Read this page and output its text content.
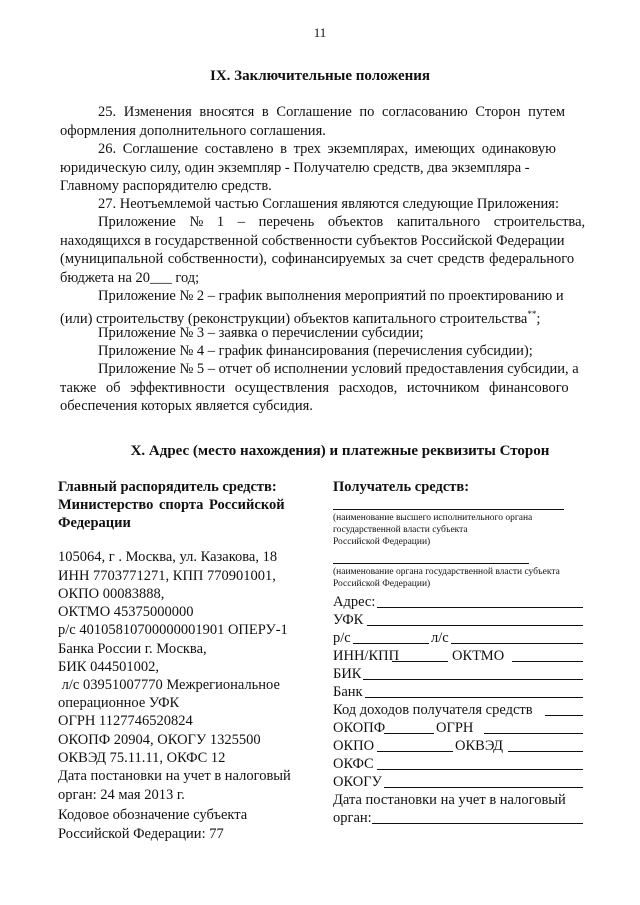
11
IX. Заключительные положения
25. Изменения вносятся в Соглашение по согласованию Сторон путем
оформления дополнительного соглашения.
26. Соглашение составлено в трех экземплярах, имеющих одинаковую
юридическую силу, один экземпляр - Получателю средств, два экземпляра -
Главному распорядителю средств.
27. Неотъемлемой частью Соглашения являются следующие Приложения:
Приложение № 1 – перечень объектов капитального строительства,
находящихся в государственной собственности субъектов Российской Федерации
(муниципальной собственности), софинансируемых за счет средств федерального
бюджета на 20___ год;
Приложение № 2 – график выполнения мероприятий по проектированию и
(или) строительству (реконструкции) объектов капитального строительства**;
Приложение № 3 – заявка о перечислении субсидии;
Приложение № 4 – график финансирования (перечисления субсидии);
Приложение № 5 – отчет об исполнении условий предоставления субсидии, а
также об эффективности осуществления расходов, источником финансового
обеспечения которых является субсидия.
X. Адрес (место нахождения) и платежные реквизиты Сторон
Главный распорядитель средств:
Министерство спорта Российской
Федерации
105064, г . Москва, ул. Казакова, 18
ИНН 7703771271, КПП 770901001,
ОКПО 00083888,
ОКТМО 45375000000
р/с 40105810700000001901 ОПЕРУ-1
Банка России г. Москва,
БИК 044501002,
л/с 03951007770 Межрегиональное
операционное УФК
ОГРН 1127746520824
ОКОПФ 20904, ОКОГУ 1325500
ОКВЭД 75.11.11, ОКФС 12
Дата постановки на учет в налоговый
орган: 24 мая 2013 г.
Кодовое обозначение субъекта
Российской Федерации: 77
Получатель средств:
(наименование высшего исполнительного органа
государственной власти субъекта
Российской Федерации)
(наименование органа государственной власти субъекта
Российской Федерации)
Адрес:
УФК
р/с	л/с
ИНН/КПП	ОКТМО
БИК
Банк
Код доходов получателя средств
ОКОПФ	ОГРН
ОКПО	ОКВЭД
ОКФС
ОКОГУ
Дата постановки на учет в налоговый
орган:
